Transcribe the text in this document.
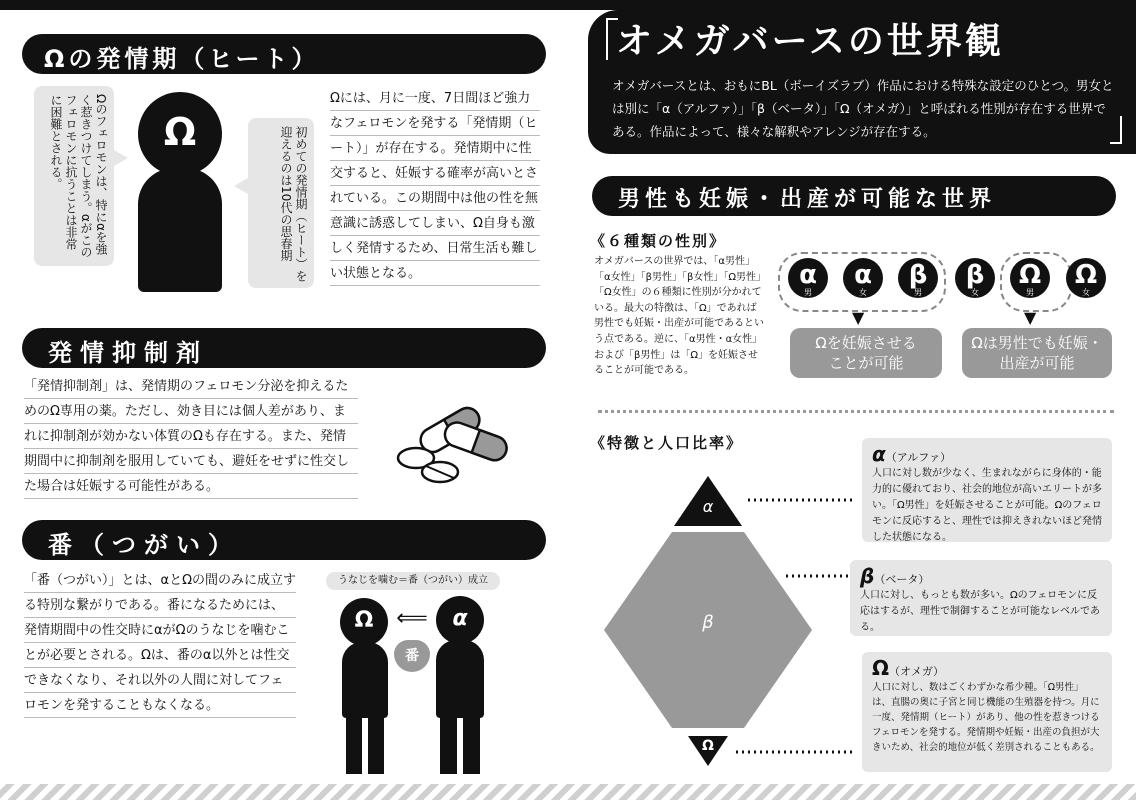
Ωの発情期（ヒート）
Ωのフェロモンは、特にαを強く惹きつけてしまう。αがこのフェロモンに抗うことは非常に困難とされる。	Ω	初めての発情期（ヒート）を迎えるのは10代の思春期
Ωには、月に一度、7日間ほど強力なフェロモンを発する「発情期（ヒート）」が存在する。発情期中に性交すると、妊娠する確率が高いとされている。この期間中は他の性を無意識に誘惑してしまい、Ω自身も激しく発情するため、日常生活も難しい状態となる。
発情抑制剤
「発情抑制剤」は、発情期のフェロモン分泌を抑えるためのΩ専用の薬。ただし、効き目には個人差があり、まれに抑制剤が効かない体質のΩも存在する。また、発情期間中に抑制剤を服用していても、避妊をせずに性交した場合は妊娠する可能性がある。
番（つがい）
「番（つがい）」とは、αとΩの間のみに成立する特別な繋がりである。番になるためには、発情期間中の性交時にαがΩのうなじを噛むことが必要とされる。Ωは、番のα以外とは性交できなくなり、それ以外の人間に対してフェロモンを発することもなくなる。
うなじを噛む＝番（つがい）成立
Ω	⟸
番
α
オメガバースの世界観
オメガバースとは、おもにBL（ボーイズラブ）作品における特殊な設定のひとつ。男女とは別に「α（アルファ）」「β（ベータ）」「Ω（オメガ）」と呼ばれる性別が存在する世界である。作品によって、様々な解釈やアレンジが存在する。
男性も妊娠・出産が可能な世界
《６種類の性別》
オメガバースの世界では、「α男性」「α女性」「β男性」「β女性」「Ω男性」「Ω女性」の６種類に性別が分かれている。最大の特徴は、「Ω」であれば男性でも妊娠・出産が可能であるという点である。逆に、「α男性・α女性」および「β男性」は「Ω」を妊娠させることが可能である。
α
男
α
女
β
男
β
女
Ω
男
Ω
女
▼	▼
Ωを妊娠させることが可能
Ωは男性でも妊娠・出産が可能
《特徴と人口比率》
α
β
Ω
α（アルファ）
人口に対し数が少なく、生まれながらに身体的・能力的に優れており、社会的地位が高いエリートが多い。「Ω男性」を妊娠させることが可能。Ωのフェロモンに反応すると、理性では抑えきれないほど発情した状態になる。
β（ベータ）
人口に対し、もっとも数が多い。Ωのフェロモンに反応はするが、理性で制御することが可能なレベルである。
Ω（オメガ）
人口に対し、数はごくわずかな希少種。「Ω男性」は、直腸の奥に子宮と同じ機能の生殖器を持つ。月に一度、発情期（ヒート）があり、他の性を惹きつけるフェロモンを発する。発情期や妊娠・出産の負担が大きいため、社会的地位が低く差別されることもある。
